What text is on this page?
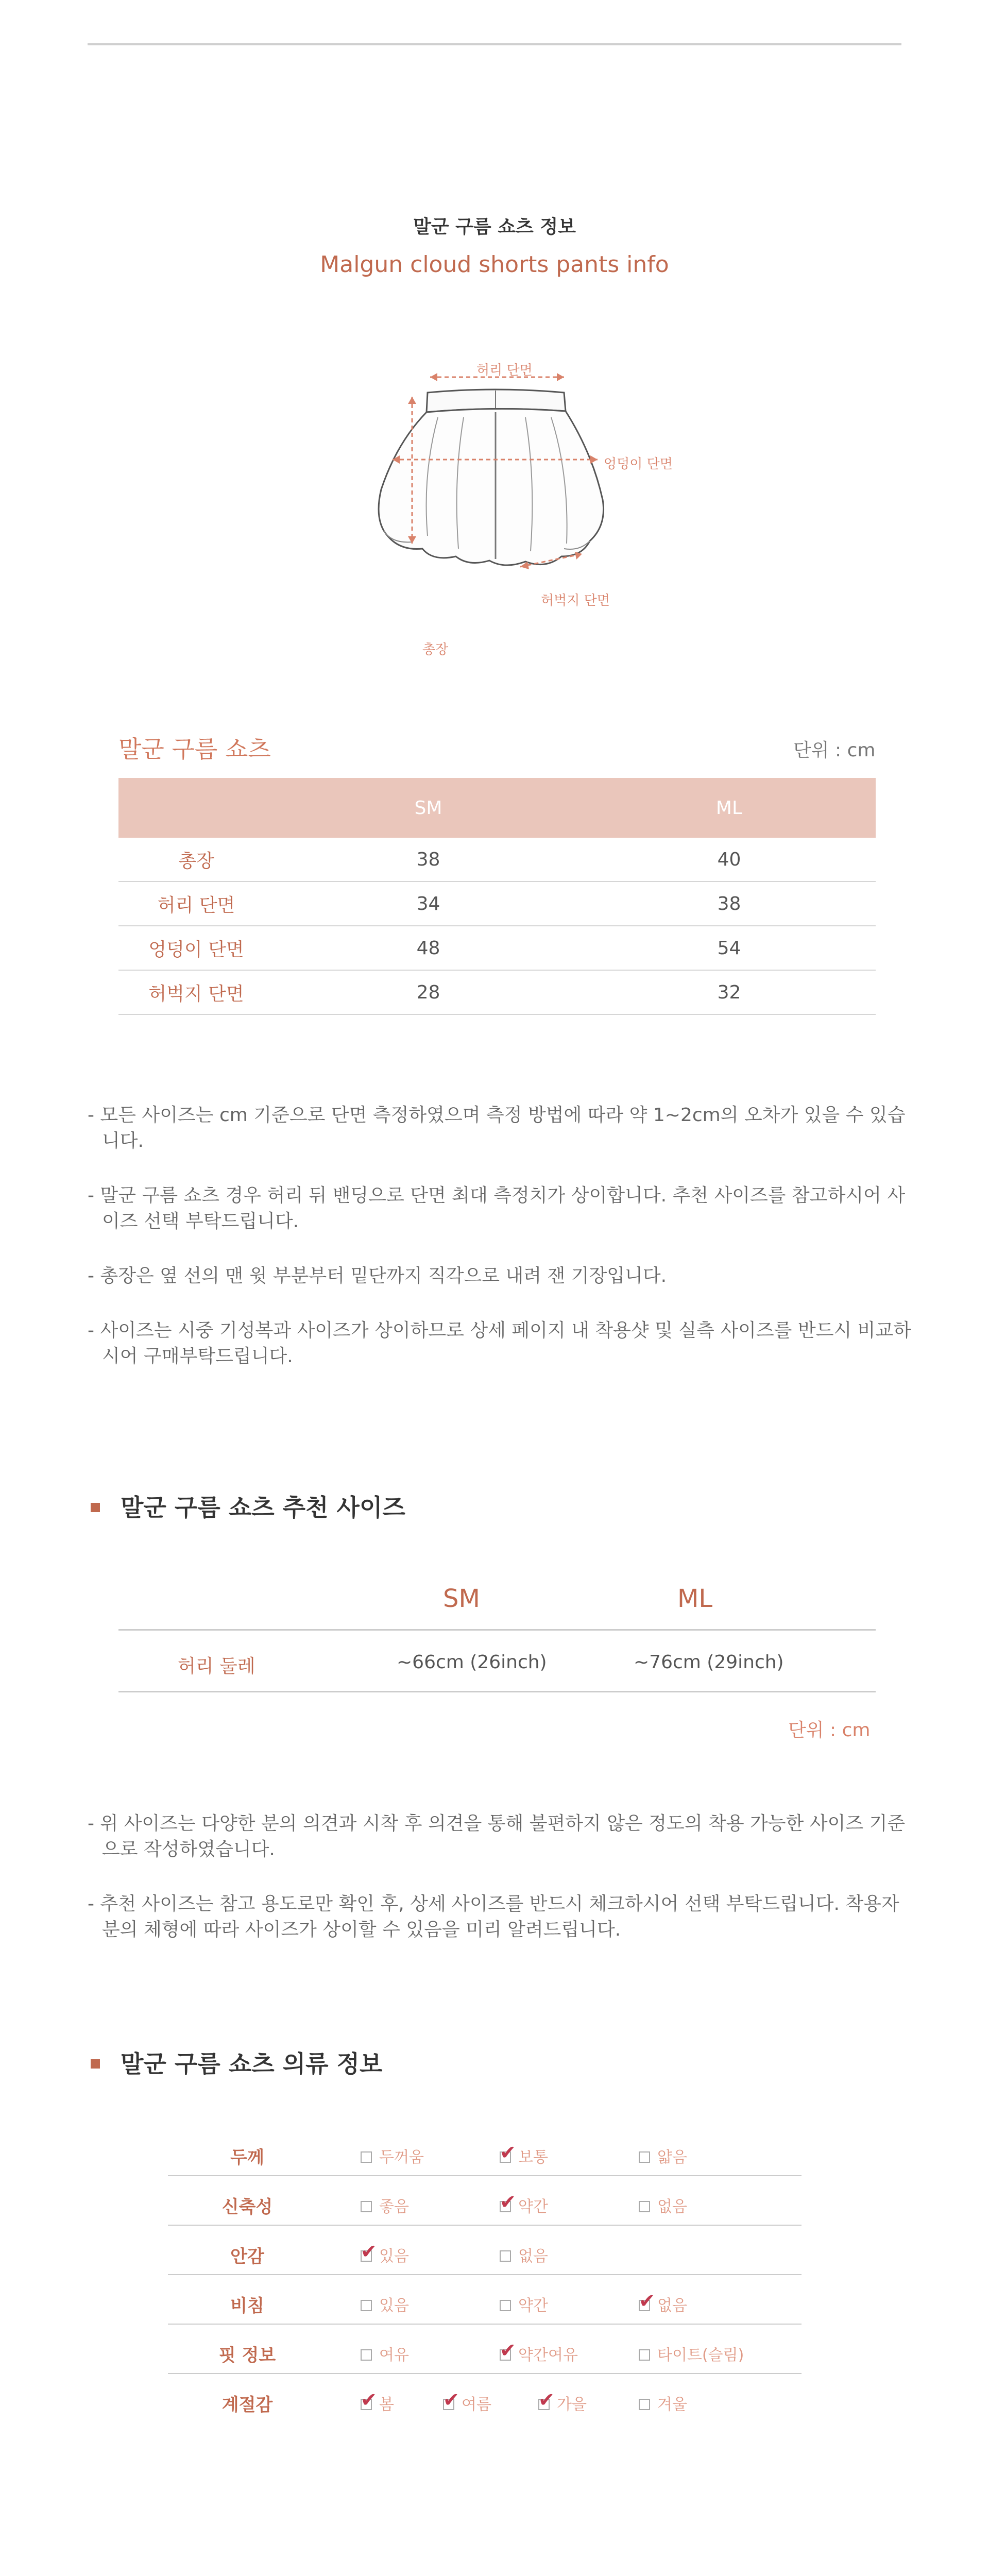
말군 구름 쇼츠 정보
Malgun cloud shorts pants info
허리 단면
엉덩이 단면
허벅지 단면
총장
말군 구름 쇼츠	단위 : cm
	SM	ML
총장	38	40
허리 단면	34	38
엉덩이 단면	48	54
허벅지 단면	28	32

- 모든 사이즈는 cm 기준으로 단면 측정하였으며 측정 방법에 따라 약 1~2cm의 오차가 있을 수 있습니다.

- 말군 구름 쇼츠 경우 허리 뒤 밴딩으로 단면 최대 측정치가 상이합니다. 추천 사이즈를 참고하시어 사이즈 선택 부탁드립니다.

- 총장은 옆 선의 맨 윗 부분부터 밑단까지 직각으로 내려 잰 기장입니다.

- 사이즈는 시중 기성복과 사이즈가 상이하므로 상세 페이지 내 착용샷 및 실측 사이즈를 반드시 비교하시어 구매부탁드립니다.

말군 구름 쇼츠 추천 사이즈
SM	ML
허리 둘레	~66cm (26inch)	~76cm (29inch)
단위 : cm

- 위 사이즈는 다양한 분의 의견과 시착 후 의견을 통해 불편하지 않은 정도의 착용 가능한 사이즈 기준으로 작성하였습니다.

- 추천 사이즈는 참고 용도로만 확인 후, 상세 사이즈를 반드시 체크하시어 선택 부탁드립니다. 착용자분의 체형에 따라 사이즈가 상이할 수 있음을 미리 알려드립니다.

말군 구름 쇼츠 의류 정보
두께	두꺼움 ✔	보통	얇음
신축성	좋음 ✔	약간	없음
안감 ✔	있음	없음
비침	있음	약간 ✔	없음
핏 정보	여유 ✔	약간여유	타이트(슬림)
계절감 ✔	봄 ✔	여름 ✔	가을	겨울
